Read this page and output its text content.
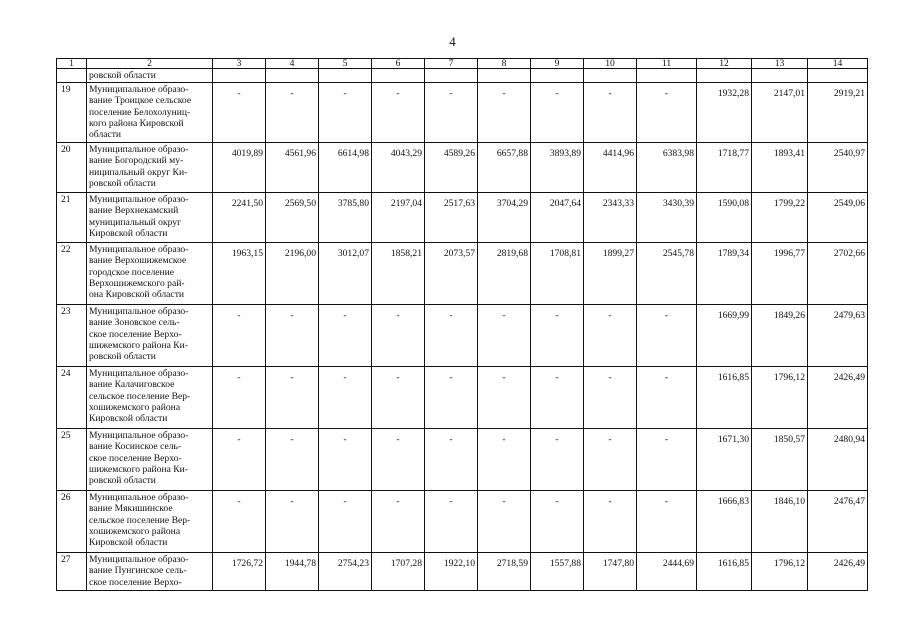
4
1	2	3	4	5	6	7	8	9	10	11	12	13	14
	ровской области												
19	Муниципальное образо-
вание Троицкое сельское
поселение Белохолуниц-
кого района Кировской
области	-	-	-	-	-	-	-	-	-	1932,28	2147,01	2919,21
20	Муниципальное образо-
вание Богородский му-
ниципальный округ Ки-
ровской области	4019,89	4561,96	6614,98	4043,29	4589,26	6657,88	3893,89	4414,96	6383,98	1718,77	1893,41	2540,97
21	Муниципальное образо-
вание Верхнекамский
муниципальный округ
Кировской области	2241,50	2569,50	3785,80	2197,04	2517,63	3704,29	2047,64	2343,33	3430,39	1590,08	1799,22	2549,06
22	Муниципальное образо-
вание Верхошижемское
городское поселение
Верхошижемского рай-
она Кировской области	1963,15	2196,00	3012,07	1858,21	2073,57	2819,68	1708,81	1899,27	2545,78	1789,34	1996,77	2702,66
23	Муниципальное образо-
вание Зоновское сель-
ское поселение Верхо-
шижемского района Ки-
ровской области	-	-	-	-	-	-	-	-	-	1669,99	1849,26	2479,63
24	Муниципальное образо-
вание Калачиговское
сельское поселение Вер-
хошижемского района
Кировской области	-	-	-	-	-	-	-	-	-	1616,85	1796,12	2426,49
25	Муниципальное образо-
вание Косинское сель-
ское поселение Верхо-
шижемского района Ки-
ровской области	-	-	-	-	-	-	-	-	-	1671,30	1850,57	2480,94
26	Муниципальное образо-
вание Мякишинское
сельское поселение Вер-
хошижемского района
Кировской области	-	-	-	-	-	-	-	-	-	1666,83	1846,10	2476,47
27	Муниципальное образо-
вание Пунгинское сель-
ское поселение Верхо-	1726,72	1944,78	2754,23	1707,28	1922,10	2718,59	1557,88	1747,80	2444,69	1616,85	1796,12	2426,49
